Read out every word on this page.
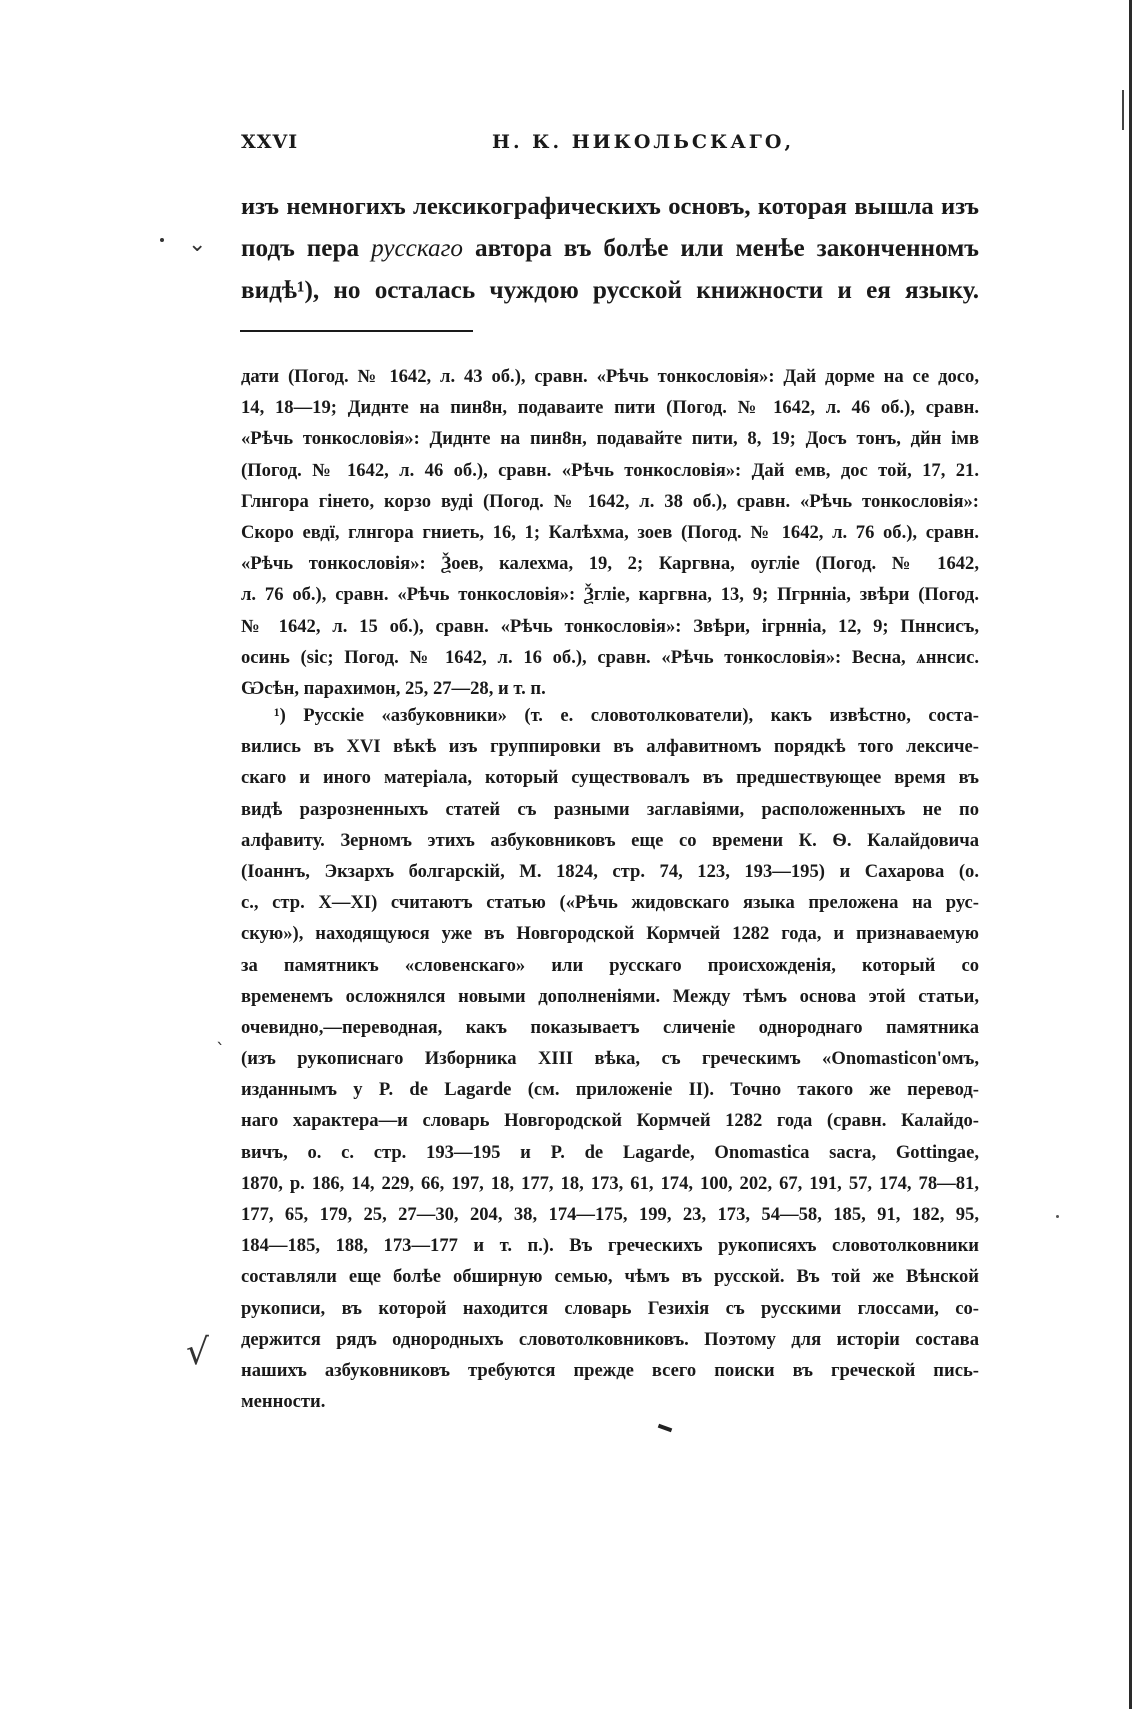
XXVI	Н. К. НИКОЛЬСКАГО,
изъ немногихъ лексикографическихъ основъ, которая вышла изъ
подъ пера русскаго автора въ болѣе или менѣе законченномъ
видѣ¹), но осталась чуждою русской книжности и ея языку.
дати (Погод. № 1642, л. 43 об.), сравн. «Рѣчь тонкословія»: Дай дорме на се досо,
14, 18—19; Диднте на пин8н, подаваите пити (Погод. № 1642, л. 46 об.), сравн.
«Рѣчь тонкословія»: Диднте на пин8н, подавайте пити, 8, 19; Досъ тонъ, дйн імв
(Погод. № 1642, л. 46 об.), сравн. «Рѣчь тонкословія»: Дай емв, дос той, 17, 21.
Глнгора гінето, корзо вуді (Погод. № 1642, л. 38 об.), сравн. «Рѣчь тонкословія»:
Скоро евдї, глнгора гниеть, 16, 1; Калѣхма, зоев (Погод. № 1642, л. 76 об.), сравн.
«Рѣчь тонкословія»: Ѯоев, калехма, 19, 2; Каргвна, оугліе (Погод. № 1642,
л. 76 об.), сравн. «Рѣчь тонкословія»: Ѯгліе, каргвна, 13, 9; Пгрнніа, звѣри (Погод.
№ 1642, л. 15 об.), сравн. «Рѣчь тонкословія»: Звѣри, ігрнніа, 12, 9; Пннсисъ,
осинь (sic; Погод. № 1642, л. 16 об.), сравн. «Рѣчь тонкословія»: Весна, ѧннсис.
Ѡсѣн, парахимон, 25, 27—28, и т. п.
¹) Русскіе «азбуковники» (т. е. словотолкователи), какъ извѣстно, соста-
вились въ XVI вѣкѣ изъ группировки въ алфавитномъ порядкѣ того лексиче-
скаго и иного матеріала, который существовалъ въ предшествующее время въ
видѣ разрозненныхъ статей съ разными заглавіями, расположенныхъ не по
алфавиту. Зерномъ этихъ азбуковниковъ еще со времени К. Ѳ. Калайдовича
(Іоаннъ, Экзархъ болгарскій, М. 1824, стр. 74, 123, 193—195) и Сахарова (о.
с., стр. X—XI) считаютъ статью («Рѣчь жидовскаго языка преложена на рус-
скую»), находящуюся уже въ Новгородской Кормчей 1282 года, и признаваемую
за памятникъ «словенскаго» или русскаго происхожденія, который со
временемъ осложнялся новыми дополненіями. Между тѣмъ основа этой статьи,
очевидно,—переводная, какъ показываетъ сличеніе однороднаго памятника
(изъ рукописнаго Изборника XIII вѣка, съ греческимъ «Onomasticon'омъ,
изданнымъ у P. de Lagarde (см. приложеніе II). Точно такого же перевод-
наго характера—и словарь Новгородской Кормчей 1282 года (сравн. Калайдо-
вичъ, о. с. стр. 193—195 и P. de Lagarde, Onomastica sacra, Gottingae,
1870, p. 186, 14, 229, 66, 197, 18, 177, 18, 173, 61, 174, 100, 202, 67, 191, 57, 174, 78—81,
177, 65, 179, 25, 27—30, 204, 38, 174—175, 199, 23, 173, 54—58, 185, 91, 182, 95,
184—185, 188, 173—177 и т. п.). Въ греческихъ рукописяхъ словотолковники
составляли еще болѣе обширную семью, чѣмъ въ русской. Въ той же Вѣнской
рукописи, въ которой находится словарь Гезихія съ русскими глоссами, со-
держится рядъ однородныхъ словотолковниковъ. Поэтому для исторіи состава
нашихъ азбуковниковъ требуются прежде всего поиски въ греческой пись-
менности.
⌄
ˋ
√
